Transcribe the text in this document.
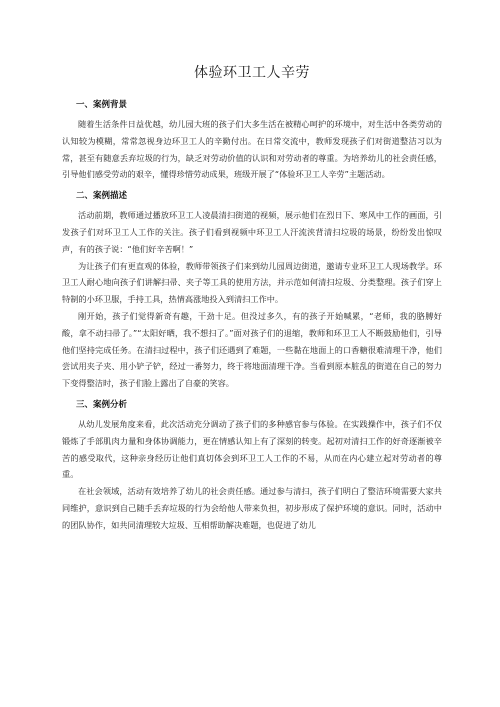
体验环卫工人辛劳
一、案例背景

随着生活条件日益优越，幼儿园大班的孩子们大多生活在被精心呵护的环境中，对生活中各类劳动的认知较为模糊，常常忽视身边环卫工人的辛勤付出。在日常交流中，教师发现孩子们对街道整洁习以为常，甚至有随意丢弃垃圾的行为，缺乏对劳动价值的认识和对劳动者的尊重。为培养幼儿的社会责任感，引导他们感受劳动的艰辛，懂得珍惜劳动成果，班级开展了“体验环卫工人辛劳”主题活动。

二、案例描述

活动前期，教师通过播放环卫工人凌晨清扫街道的视频，展示他们在烈日下、寒风中工作的画面，引发孩子们对环卫工人工作的关注。孩子们看到视频中环卫工人汗流浃背清扫垃圾的场景，纷纷发出惊叹声，有的孩子说：“他们好辛苦啊！”

为让孩子们有更直观的体验，教师带领孩子们来到幼儿园周边街道，邀请专业环卫工人现场教学。环卫工人耐心地向孩子们讲解扫帚、夹子等工具的使用方法，并示范如何清扫垃圾、分类整理。孩子们穿上特制的小环卫服，手持工具，热情高涨地投入到清扫工作中。

刚开始，孩子们觉得新奇有趣，干劲十足。但没过多久，有的孩子开始喊累，“老师，我的胳膊好酸，拿不动扫帚了。”“太阳好晒，我不想扫了。”面对孩子们的退缩，教师和环卫工人不断鼓励他们，引导他们坚持完成任务。在清扫过程中，孩子们还遇到了难题，一些黏在地面上的口香糖很难清理干净，他们尝试用夹子夹、用小铲子铲，经过一番努力，终于将地面清理干净。当看到原本脏乱的街道在自己的努力下变得整洁时，孩子们脸上露出了自豪的笑容。

三、案例分析

从幼儿发展角度来看，此次活动充分调动了孩子们的多种感官参与体验。在实践操作中，孩子们不仅锻炼了手部肌肉力量和身体协调能力，更在情感认知上有了深刻的转变。起初对清扫工作的好奇逐渐被辛苦的感受取代，这种亲身经历让他们真切体会到环卫工人工作的不易，从而在内心建立起对劳动者的尊重。

在社会领域，活动有效培养了幼儿的社会责任感。通过参与清扫，孩子们明白了整洁环境需要大家共同维护，意识到自己随手丢弃垃圾的行为会给他人带来负担，初步形成了保护环境的意识。同时，活动中的团队协作，如共同清理较大垃圾、互相帮助解决难题，也促进了幼儿
